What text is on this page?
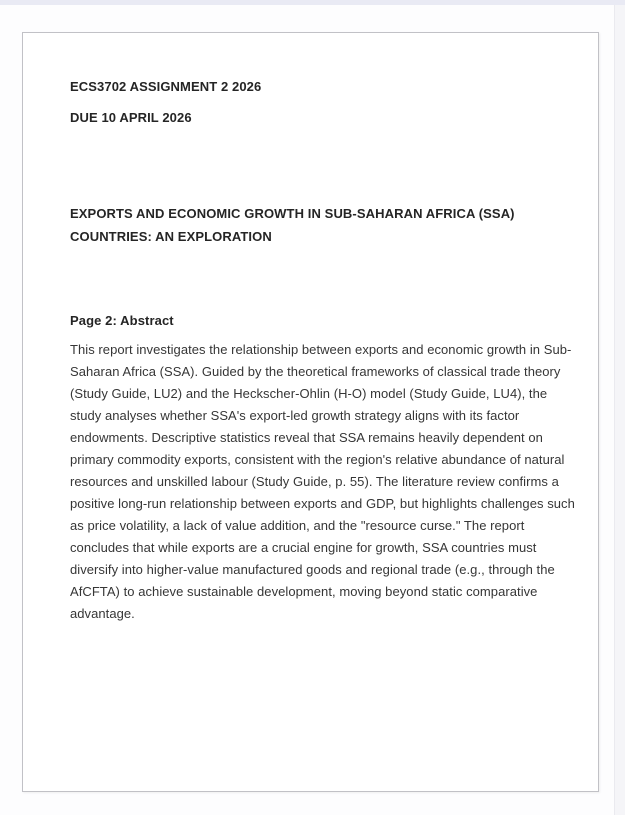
ECS3702 ASSIGNMENT 2 2026
DUE 10 APRIL 2026
EXPORTS AND ECONOMIC GROWTH IN SUB-SAHARAN AFRICA (SSA)
COUNTRIES: AN EXPLORATION
Page 2: Abstract
This report investigates the relationship between exports and economic growth in Sub-
Saharan Africa (SSA). Guided by the theoretical frameworks of classical trade theory
(Study Guide, LU2) and the Heckscher-Ohlin (H-O) model (Study Guide, LU4), the
study analyses whether SSA's export-led growth strategy aligns with its factor
endowments. Descriptive statistics reveal that SSA remains heavily dependent on
primary commodity exports, consistent with the region's relative abundance of natural
resources and unskilled labour (Study Guide, p. 55). The literature review confirms a
positive long-run relationship between exports and GDP, but highlights challenges such
as price volatility, a lack of value addition, and the "resource curse." The report
concludes that while exports are a crucial engine for growth, SSA countries must
diversify into higher-value manufactured goods and regional trade (e.g., through the
AfCFTA) to achieve sustainable development, moving beyond static comparative
advantage.
